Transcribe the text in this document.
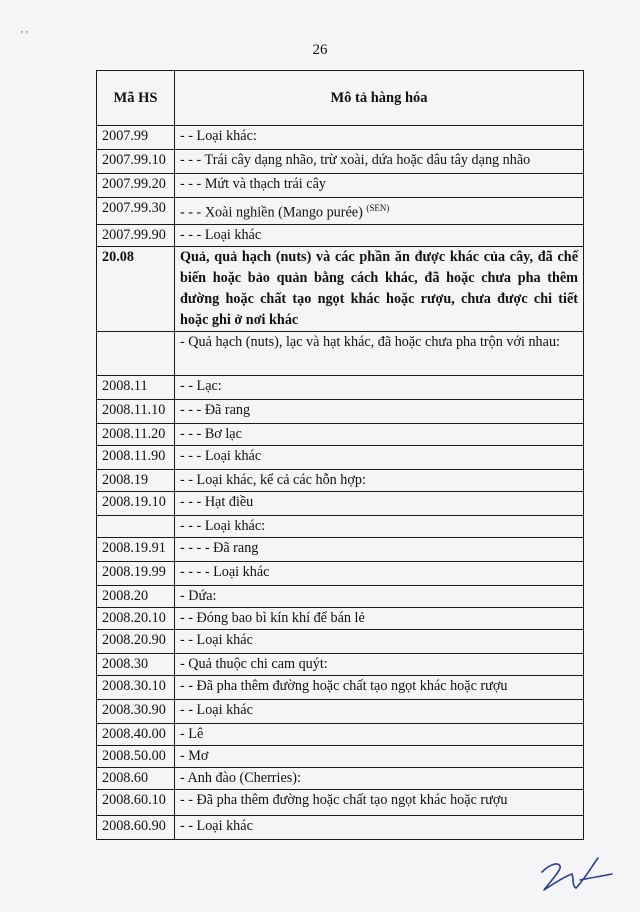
’ ’
26
Mã HS	Mô tả hàng hóa
2007.99	- - Loại khác:
2007.99.10	- - - Trái cây dạng nhão, trừ xoài, dứa hoặc dâu tây dạng nhão
2007.99.20	- - - Mứt và thạch trái cây
2007.99.30	- - - Xoài nghiền (Mango purée) $^{(SEN)}$
2007.99.90	- - - Loại khác
20.08	Quả, quả hạch (nuts) và các phần ăn được khác của cây, đã chế biến hoặc bảo quản bằng cách khác, đã hoặc chưa pha thêm đường hoặc chất tạo ngọt khác hoặc rượu, chưa được chi tiết hoặc ghi ở nơi khác
	- Quả hạch (nuts), lạc và hạt khác, đã hoặc chưa pha trộn với nhau:
2008.11	- - Lạc:
2008.11.10	- - - Đã rang
2008.11.20	- - - Bơ lạc
2008.11.90	- - - Loại khác
2008.19	- - Loại khác, kể cả các hỗn hợp:
2008.19.10	- - - Hạt điều
	- - - Loại khác:
2008.19.91	- - - - Đã rang
2008.19.99	- - - - Loại khác
2008.20	- Dứa:
2008.20.10	- - Đóng bao bì kín khí để bán lẻ
2008.20.90	- - Loại khác
2008.30	- Quả thuộc chi cam quýt:
2008.30.10	- - Đã pha thêm đường hoặc chất tạo ngọt khác hoặc rượu
2008.30.90	- - Loại khác
2008.40.00	- Lê
2008.50.00	- Mơ
2008.60	- Anh đào (Cherries):
2008.60.10	- - Đã pha thêm đường hoặc chất tạo ngọt khác hoặc rượu
2008.60.90	- - Loại khác
